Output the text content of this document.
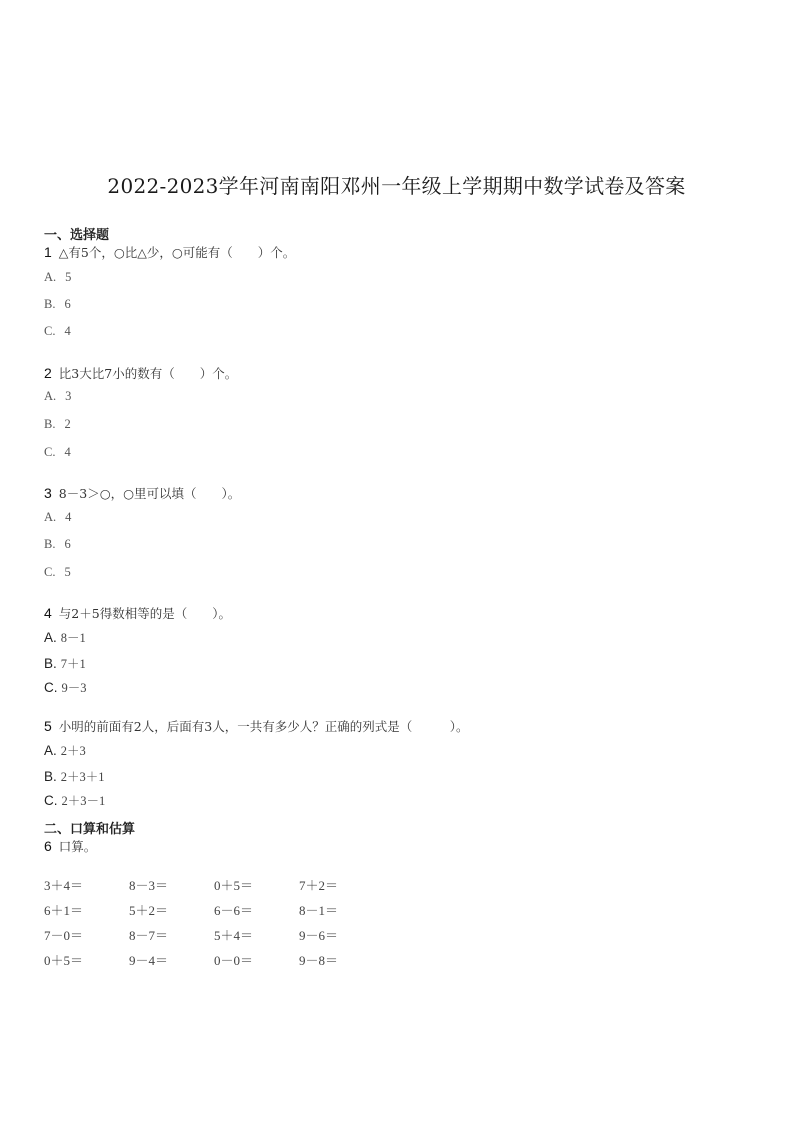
2022-2023学年河南南阳邓州一年级上学期期中数学试卷及答案
一、选择题
1 △有5个，○比△少，○可能有（　　）个。
A. 5
B. 6
C. 4
2 比3大比7小的数有（　　）个。
A. 3
B. 2
C. 4
3 8－3＞○，○里可以填（　　）。
A. 4
B. 6
C. 5
4 与2＋5得数相等的是（　　）。
A. 8－1
B. 7＋1
C. 9－3
5 小明的前面有2人，后面有3人，一共有多少人？正确的列式是（　　　）。
A. 2＋3
B. 2＋3＋1
C. 2＋3－1
二、口算和估算
6 口算。
3＋4＝	8－3＝	0＋5＝	7＋2＝
6＋1＝	5＋2＝	6－6＝	8－1＝
7－0＝	8－7＝	5＋4＝	9－6＝
0＋5＝	9－4＝	0－0＝	9－8＝
